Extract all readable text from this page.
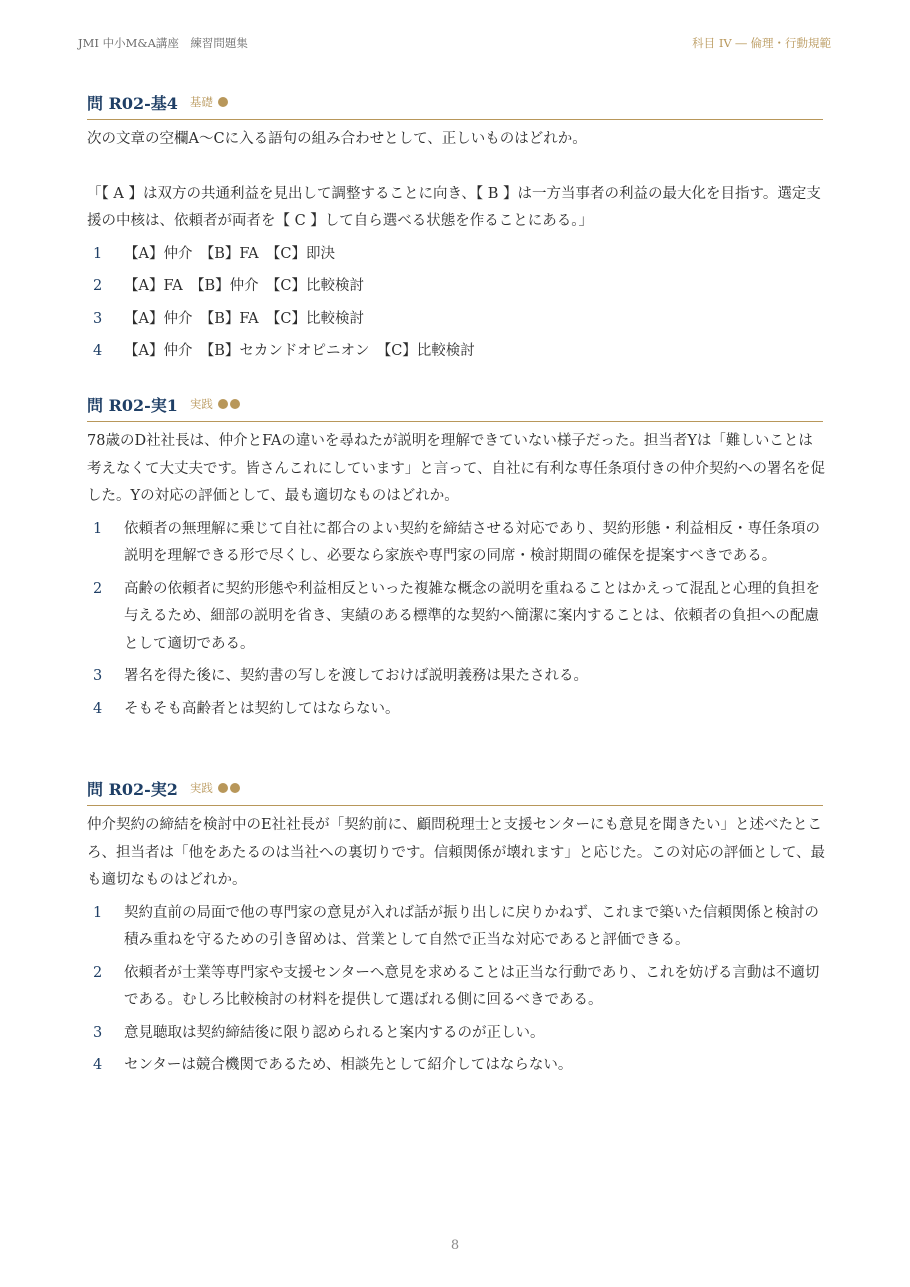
JMI 中小M&A講座　練習問題集	科目 IV ― 倫理・行動規範
問 R02-基4 基礎
次の文章の空欄A〜Cに入る語句の組み合わせとして、正しいものはどれか。
「【 A 】は双方の共通利益を見出して調整することに向き、【 B 】は一方当事者の利益の最大化を目指す。選定支援の中核は、依頼者が両者を【 C 】して自ら選べる状態を作ることにある。」
1	【A】仲介　【B】FA　【C】即決
2	【A】FA　【B】仲介　【C】比較検討
3	【A】仲介　【B】FA　【C】比較検討
4	【A】仲介　【B】セカンドオピニオン　【C】比較検討
問 R02-実1 実践
78歳のD社社長は、仲介とFAの違いを尋ねたが説明を理解できていない様子だった。担当者Yは「難しいことは考えなくて大丈夫です。皆さんこれにしています」と言って、自社に有利な専任条項付きの仲介契約への署名を促した。Yの対応の評価として、最も適切なものはどれか。
1	依頼者の無理解に乗じて自社に都合のよい契約を締結させる対応であり、契約形態・利益相反・専任条項の説明を理解できる形で尽くし、必要なら家族や専門家の同席・検討期間の確保を提案すべきである。
2	高齢の依頼者に契約形態や利益相反といった複雑な概念の説明を重ねることはかえって混乱と心理的負担を与えるため、細部の説明を省き、実績のある標準的な契約へ簡潔に案内することは、依頼者の負担への配慮として適切である。
3	署名を得た後に、契約書の写しを渡しておけば説明義務は果たされる。
4	そもそも高齢者とは契約してはならない。
問 R02-実2 実践
仲介契約の締結を検討中のE社社長が「契約前に、顧問税理士と支援センターにも意見を聞きたい」と述べたところ、担当者は「他をあたるのは当社への裏切りです。信頼関係が壊れます」と応じた。この対応の評価として、最も適切なものはどれか。
1	契約直前の局面で他の専門家の意見が入れば話が振り出しに戻りかねず、これまで築いた信頼関係と検討の積み重ねを守るための引き留めは、営業として自然で正当な対応であると評価できる。
2	依頼者が士業等専門家や支援センターへ意見を求めることは正当な行動であり、これを妨げる言動は不適切である。むしろ比較検討の材料を提供して選ばれる側に回るべきである。
3	意見聴取は契約締結後に限り認められると案内するのが正しい。
4	センターは競合機関であるため、相談先として紹介してはならない。
8
